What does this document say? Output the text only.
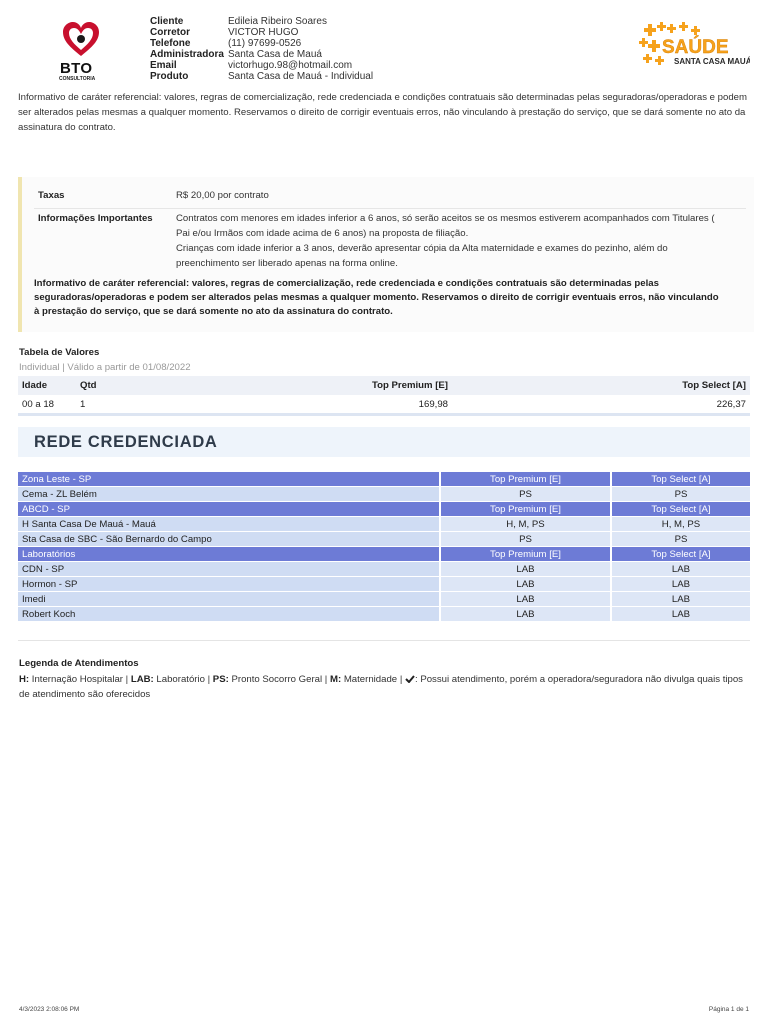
BTO
CONSULTORIA
Cliente	Edileia Ribeiro Soares
Corretor	VICTOR HUGO
Telefone	(11) 97699-0526
Administradora Santa Casa de Mauá
Email	victorhugo.98@hotmail.com
Produto	Santa Casa de Mauá - Individual
SAÚDE
SANTA CASA MAUÁ
Informativo de caráter referencial: valores, regras de comercialização, rede credenciada e condições contratuais são determinadas pelas seguradoras/operadoras e podem ser alterados pelas mesmas a qualquer momento. Reservamos o direito de corrigir eventuais erros, não vinculando à prestação do serviço, que se dará somente no ato da assinatura do contrato.
Taxas	R$ 20,00 por contrato
Informações Importantes Contratos com menores em idades inferior a 6 anos, só serão aceitos se os mesmos estiverem acompanhados com Titulares ( Pai e/ou Irmãos com idade acima de 6 anos) na proposta de filiação.
Crianças com idade inferior a 3 anos, deverão apresentar cópia da Alta maternidade e exames do pezinho, além do preenchimento ser liberado apenas na forma online.
Informativo de caráter referencial: valores, regras de comercialização, rede credenciada e condições contratuais são determinadas pelas seguradoras/operadoras e podem ser alterados pelas mesmas a qualquer momento. Reservamos o direito de corrigir eventuais erros, não vinculando à prestação do serviço, que se dará somente no ato da assinatura do contrato.
Tabela de Valores
Individual | Válido a partir de 01/08/2022
Idade	Qtd	Top Premium [E]	Top Select [A]
00 a 18	1	169,98	226,37
REDE CREDENCIADA
Zona Leste - SP		Top Premium [E]		Top Select [A]
Cema - ZL Belém		PS		PS
ABCD - SP		Top Premium [E]		Top Select [A]
H Santa Casa De Mauá - Mauá		H, M, PS		H, M, PS
Sta Casa de SBC - São Bernardo do Campo		PS		PS
Laboratórios		Top Premium [E]		Top Select [A]
CDN - SP		LAB		LAB
Hormon - SP		LAB		LAB
Imedi		LAB		LAB
Robert Koch		LAB		LAB
Legenda de Atendimentos
H: Internação Hospitalar | LAB: Laboratório | PS: Pronto Socorro Geral | M: Maternidade | : Possui atendimento, porém a operadora/seguradora não divulga quais tipos de atendimento são oferecidos
4/3/2023 2:08:06 PM	Página 1 de 1
